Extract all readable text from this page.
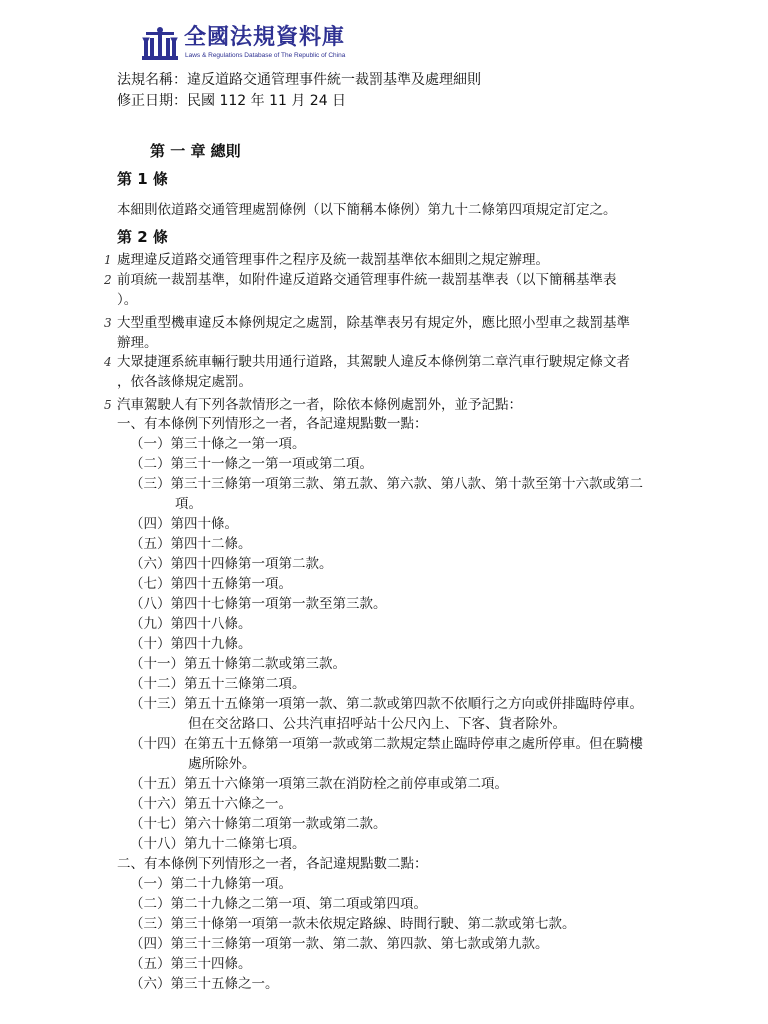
全國法規資料庫
Laws & Regulations Database of The Republic of China
法規名稱：違反道路交通管理事件統一裁罰基準及處理細則
修正日期：民國 112 年 11 月 24 日
第 一 章 總則
第 1 條
本細則依道路交通管理處罰條例（以下簡稱本條例）第九十二條第四項規定訂定之。
第 2 條
處理違反道路交通管理事件之程序及統一裁罰基準依本細則之規定辦理。
前項統一裁罰基準，如附件違反道路交通管理事件統一裁罰基準表（以下簡稱基準表
）。
大型重型機車違反本條例規定之處罰，除基準表另有規定外，應比照小型車之裁罰基準
辦理。
大眾捷運系統車輛行駛共用通行道路，其駕駛人違反本條例第二章汽車行駛規定條文者
，依各該條規定處罰。
汽車駕駛人有下列各款情形之一者，除依本條例處罰外，並予記點：
一、有本條例下列情形之一者，各記違規點數一點：
（一）第三十條之一第一項。
（二）第三十一條之一第一項或第二項。
（三）第三十三條第一項第三款、第五款、第六款、第八款、第十款至第十六款或第二
項。
（四）第四十條。
（五）第四十二條。
（六）第四十四條第一項第二款。
（七）第四十五條第一項。
（八）第四十七條第一項第一款至第三款。
（九）第四十八條。
（十）第四十九條。
（十一）第五十條第二款或第三款。
（十二）第五十三條第二項。
（十三）第五十五條第一項第一款、第二款或第四款不依順行之方向或併排臨時停車。
但在交岔路口、公共汽車招呼站十公尺內上、下客、貨者除外。
（十四）在第五十五條第一項第一款或第二款規定禁止臨時停車之處所停車。但在騎樓
處所除外。
（十五）第五十六條第一項第三款在消防栓之前停車或第二項。
（十六）第五十六條之一。
（十七）第六十條第二項第一款或第二款。
（十八）第九十二條第七項。
二、有本條例下列情形之一者，各記違規點數二點：
（一）第二十九條第一項。
（二）第二十九條之二第一項、第二項或第四項。
（三）第三十條第一項第一款未依規定路線、時間行駛、第二款或第七款。
（四）第三十三條第一項第一款、第二款、第四款、第七款或第九款。
（五）第三十四條。
（六）第三十五條之一。
1
2
3
4
5
